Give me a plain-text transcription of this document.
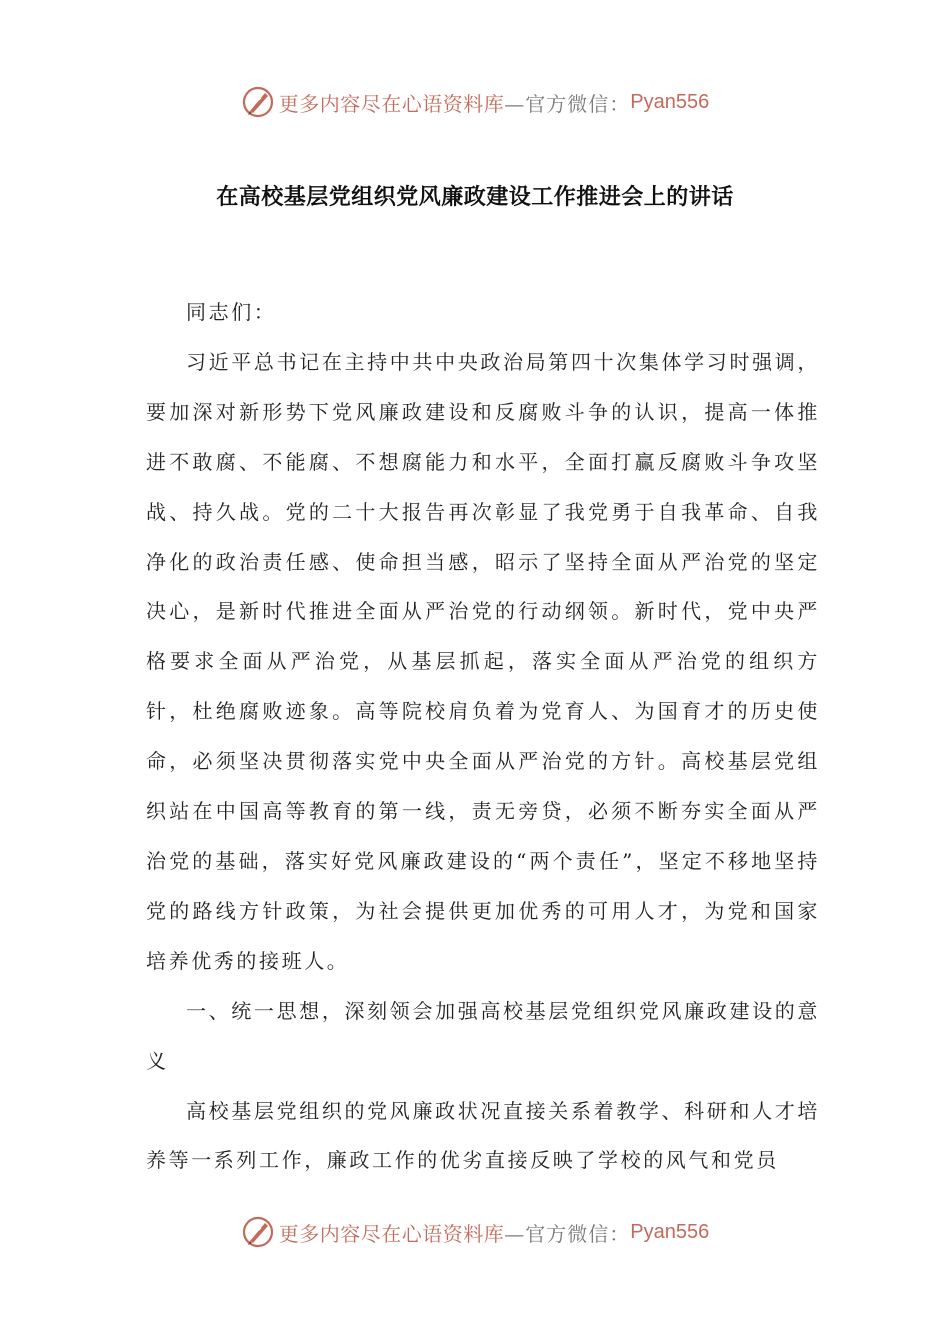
更多内容尽在心语资料库 —官方微信： Pyan556
在高校基层党组织党风廉政建设工作推进会上的讲话

同志们：

习近平总书记在主持中共中央政治局第四十次集体学习时强调，要加深对新形势下党风廉政建设和反腐败斗争的认识，提高一体推进不敢腐、不能腐、不想腐能力和水平，全面打赢反腐败斗争攻坚战、持久战。党的二十大报告再次彰显了我党勇于自我革命、自我净化的政治责任感、使命担当感，昭示了坚持全面从严治党的坚定决心，是新时代推进全面从严治党的行动纲领。新时代，党中央严格要求全面从严治党，从基层抓起，落实全面从严治党的组织方针，杜绝腐败迹象。高等院校肩负着为党育人、为国育才的历史使命，必须坚决贯彻落实党中央全面从严治党的方针。高校基层党组织站在中国高等教育的第一线，责无旁贷，必须不断夯实全面从严治党的基础，落实好党风廉政建设的“两个责任”，坚定不移地坚持党的路线方针政策，为社会提供更加优秀的可用人才，为党和国家培养优秀的接班人。

一、统一思想，深刻领会加强高校基层党组织党风廉政建设的意义

高校基层党组织的党风廉政状况直接关系着教学、科研和人才培养等一系列工作，廉政工作的优劣直接反映了学校的风气和党员

更多内容尽在心语资料库 —官方微信： Pyan556
